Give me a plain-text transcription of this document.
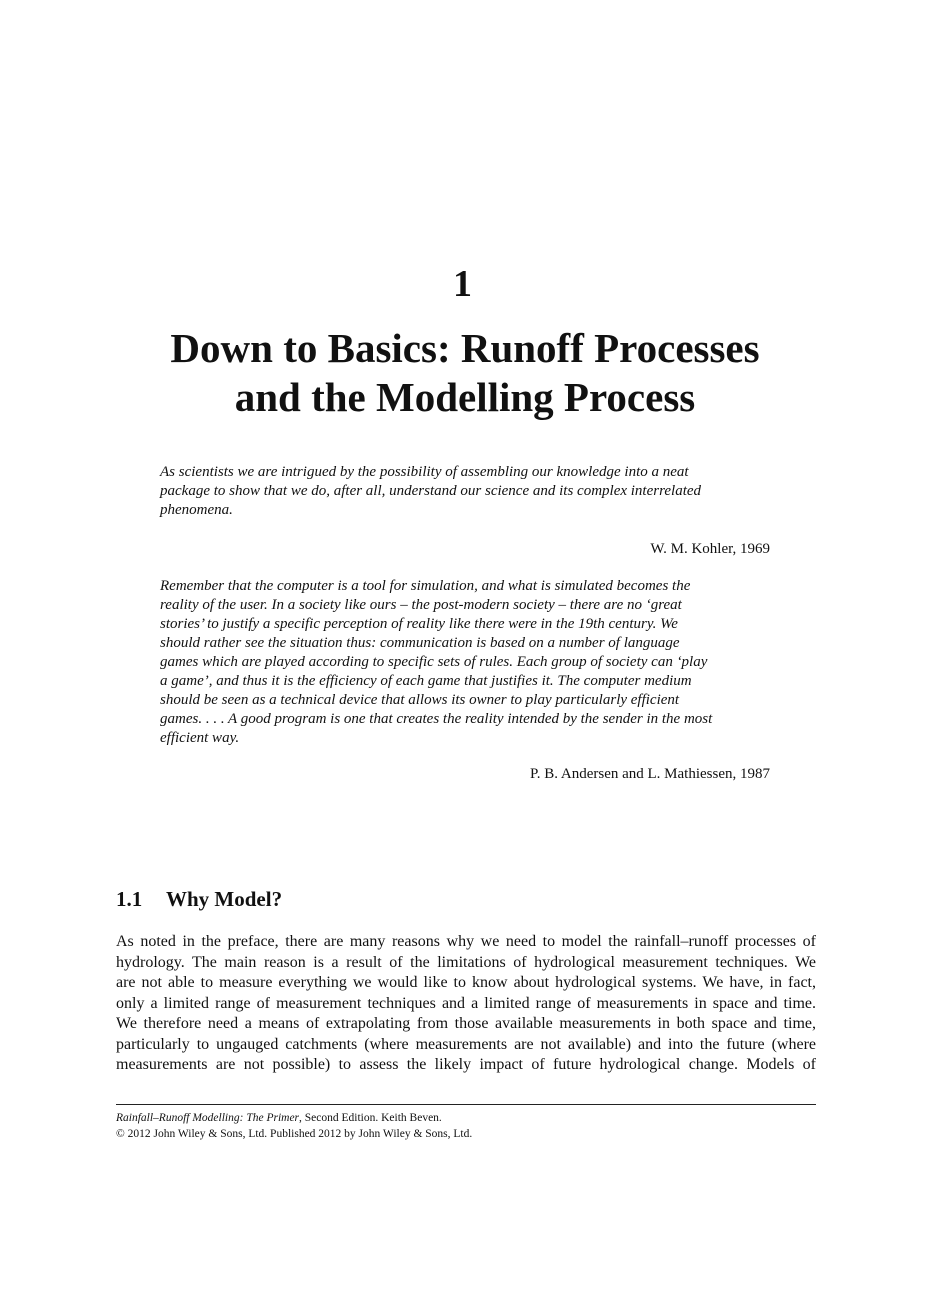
1
Down to Basics: Runoff Processes
and the Modelling Process
As scientists we are intrigued by the possibility of assembling our knowledge into a neat
package to show that we do, after all, understand our science and its complex interrelated
phenomena.
W. M. Kohler, 1969
Remember that the computer is a tool for simulation, and what is simulated becomes the
reality of the user. In a society like ours – the post-modern society – there are no ‘great
stories’ to justify a specific perception of reality like there were in the 19th century. We
should rather see the situation thus: communication is based on a number of language
games which are played according to specific sets of rules. Each group of society can ‘play
a game’, and thus it is the efficiency of each game that justifies it. The computer medium
should be seen as a technical device that allows its owner to play particularly efficient
games. . . . A good program is one that creates the reality intended by the sender in the most
efficient way.
P. B. Andersen and L. Mathiessen, 1987
1.1 Why Model?
As noted in the preface, there are many reasons why we need to model the rainfall–runoff processes of
hydrology. The main reason is a result of the limitations of hydrological measurement techniques. We
are not able to measure everything we would like to know about hydrological systems. We have, in fact,
only a limited range of measurement techniques and a limited range of measurements in space and time.
We therefore need a means of extrapolating from those available measurements in both space and time,
particularly to ungauged catchments (where measurements are not available) and into the future (where
measurements are not possible) to assess the likely impact of future hydrological change. Models of
Rainfall–Runoff Modelling: The Primer, Second Edition. Keith Beven.
© 2012 John Wiley & Sons, Ltd. Published 2012 by John Wiley & Sons, Ltd.
